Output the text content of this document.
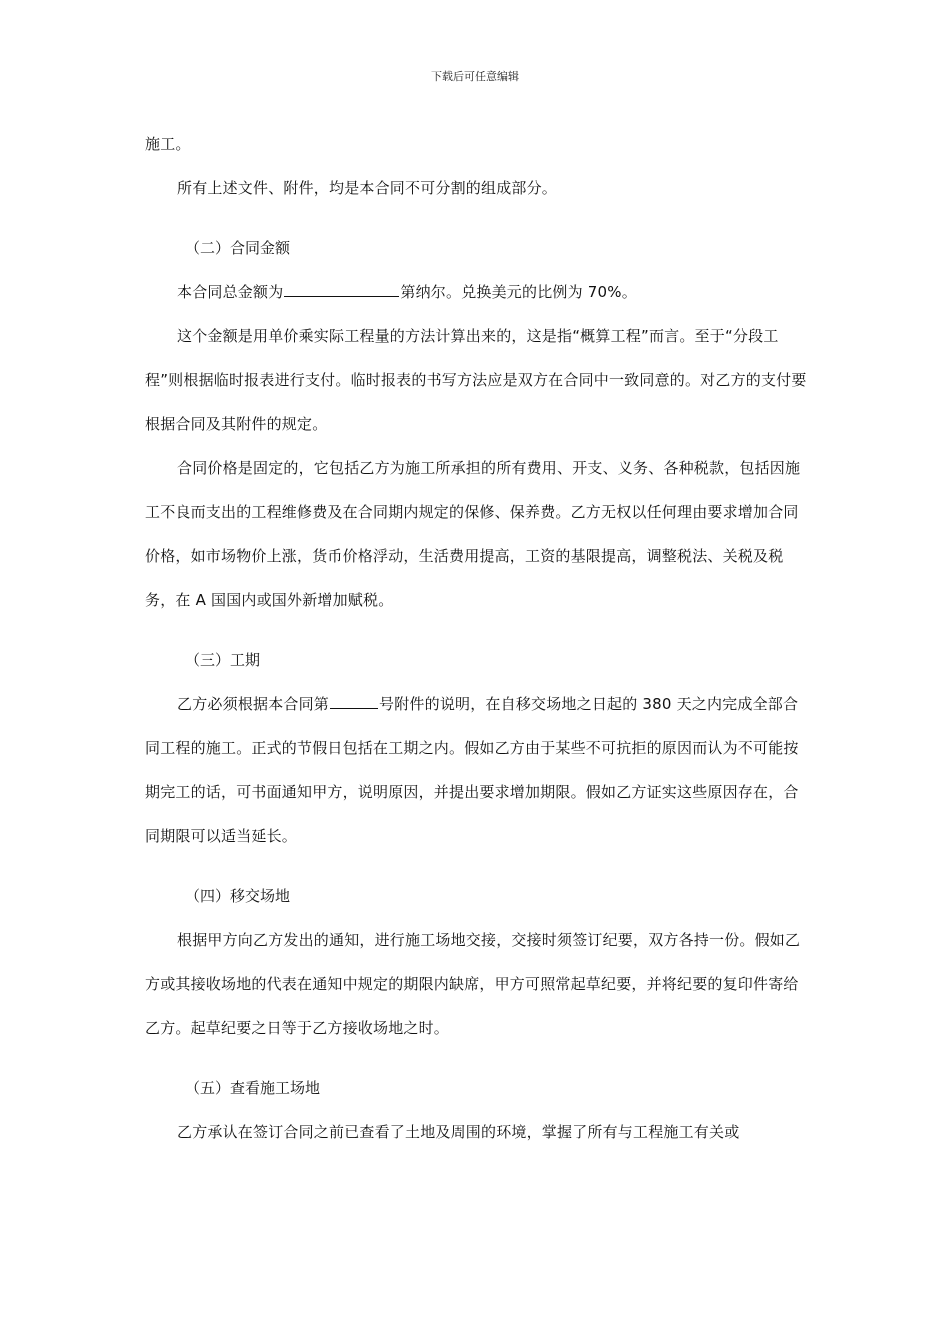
下载后可任意编辑

施工。

所有上述文件、附件，均是本合同不可分割的组成部分。

（二）合同金额

本合同总金额为	第纳尔。兑换美元的比例为 70%。

这个金额是用单价乘实际工程量的方法计算出来的，这是指“概算工程”而言。至于“分段工程”则根据临时报表进行支付。临时报表的书写方法应是双方在合同中一致同意的。对乙方的支付要根据合同及其附件的规定。

合同价格是固定的，它包括乙方为施工所承担的所有费用、开支、义务、各种税款，包括因施工不良而支出的工程维修费及在合同期内规定的保修、保养费。乙方无权以任何理由要求增加合同价格，如市场物价上涨，货币价格浮动，生活费用提高，工资的基限提高，调整税法、关税及税务，在 A 国国内或国外新增加赋税。

（三）工期

乙方必须根据本合同第	号附件的说明，在自移交场地之日起的 380 天之内完成全部合同工程的施工。正式的节假日包括在工期之内。假如乙方由于某些不可抗拒的原因而认为不可能按期完工的话，可书面通知甲方，说明原因，并提出要求增加期限。假如乙方证实这些原因存在，合同期限可以适当延长。

（四）移交场地

根据甲方向乙方发出的通知，进行施工场地交接，交接时须签订纪要，双方各持一份。假如乙方或其接收场地的代表在通知中规定的期限内缺席，甲方可照常起草纪要，并将纪要的复印件寄给乙方。起草纪要之日等于乙方接收场地之时。

（五）查看施工场地

乙方承认在签订合同之前已查看了土地及周围的环境，掌握了所有与工程施工有关或
